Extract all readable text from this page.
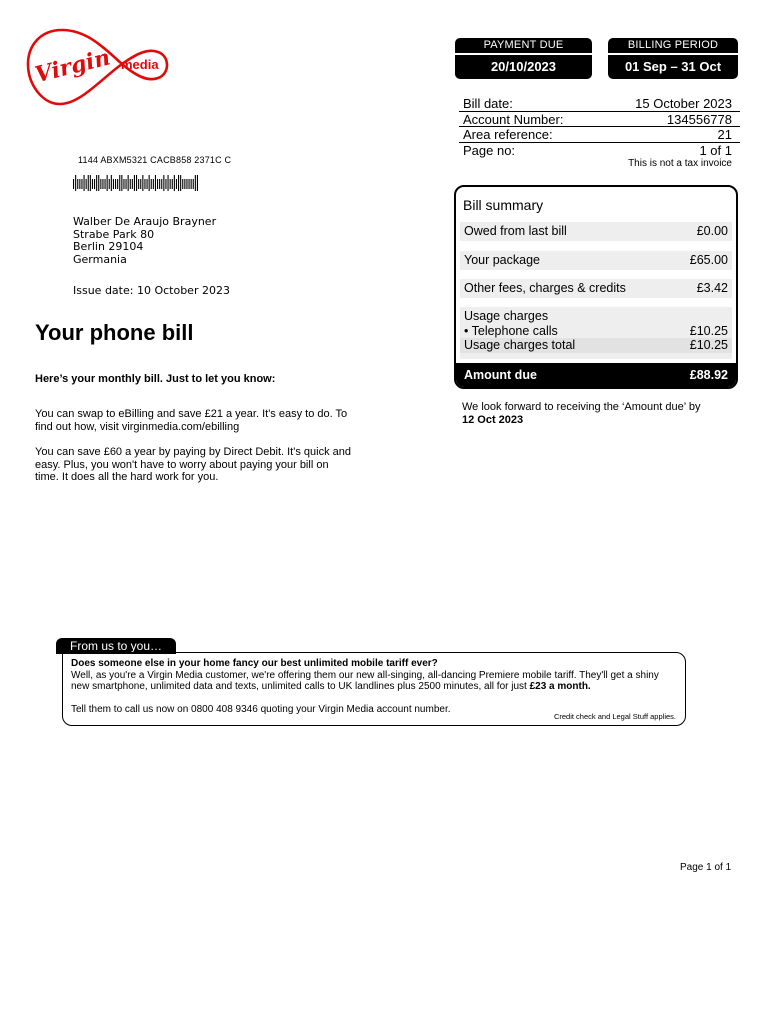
Virgin media
PAYMENT DUE
20/10/2023
BILLING PERIOD
01 Sep – 31 Oct
Bill date:	15 October 2023
Account Number:	134556778
Area reference:	21
Page no:	1 of 1
This is not a tax invoice
1144 ABXM5321 CACB858 2371C C
Walber De Araujo Brayner
Strabe Park 80
Berlin 29104
Germania
Issue date: 10 October 2023
Your phone bill
Here’s your monthly bill. Just to let you know:
You can swap to eBilling and save £21 a year. It's easy to do. To find out how, visit virginmedia.com/ebilling
You can save £60 a year by paying by Direct Debit. It's quick and easy. Plus, you won't have to worry about paying your bill on time. It does all the hard work for you.
Bill summary
Owed from last bill	£0.00
Your package	£65.00
Other fees, charges & credits	£3.42
Usage charges
• Telephone calls	£10.25
Usage charges total	£10.25
Amount due	£88.92
We look forward to receiving the ‘Amount due’ by
12 Oct 2023
From us to you…
Does someone else in your home fancy our best unlimited mobile tariff ever?
Well, as you're a Virgin Media customer, we're offering them our new all-singing, all-dancing Premiere mobile tariff. They'll get a shiny new smartphone, unlimited data and texts, unlimited calls to UK landlines plus 2500 minutes, all for just £23 a month.
Tell them to call us now on 0800 408 9346 quoting your Virgin Media account number.
Credit check and Legal Stuff applies.
Page 1 of 1
